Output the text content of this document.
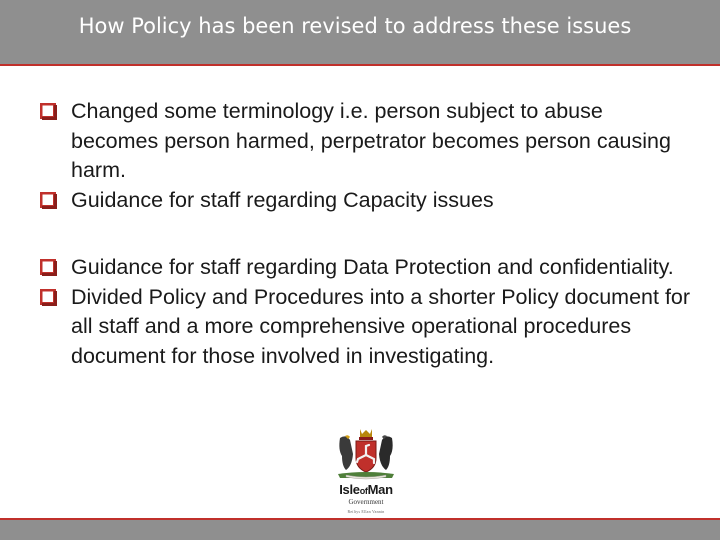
How Policy has been revised to address these issues
Changed some terminology i.e. person subject to abuse becomes person harmed, perpetrator becomes person causing harm.
Guidance for staff regarding Capacity issues
Guidance for staff regarding Data Protection and confidentiality.
Divided Policy and Procedures into a shorter Policy document for all staff and a more comprehensive operational procedures document for those involved in investigating.
IsleofMan
Government
Reiltys Ellan Vannin
